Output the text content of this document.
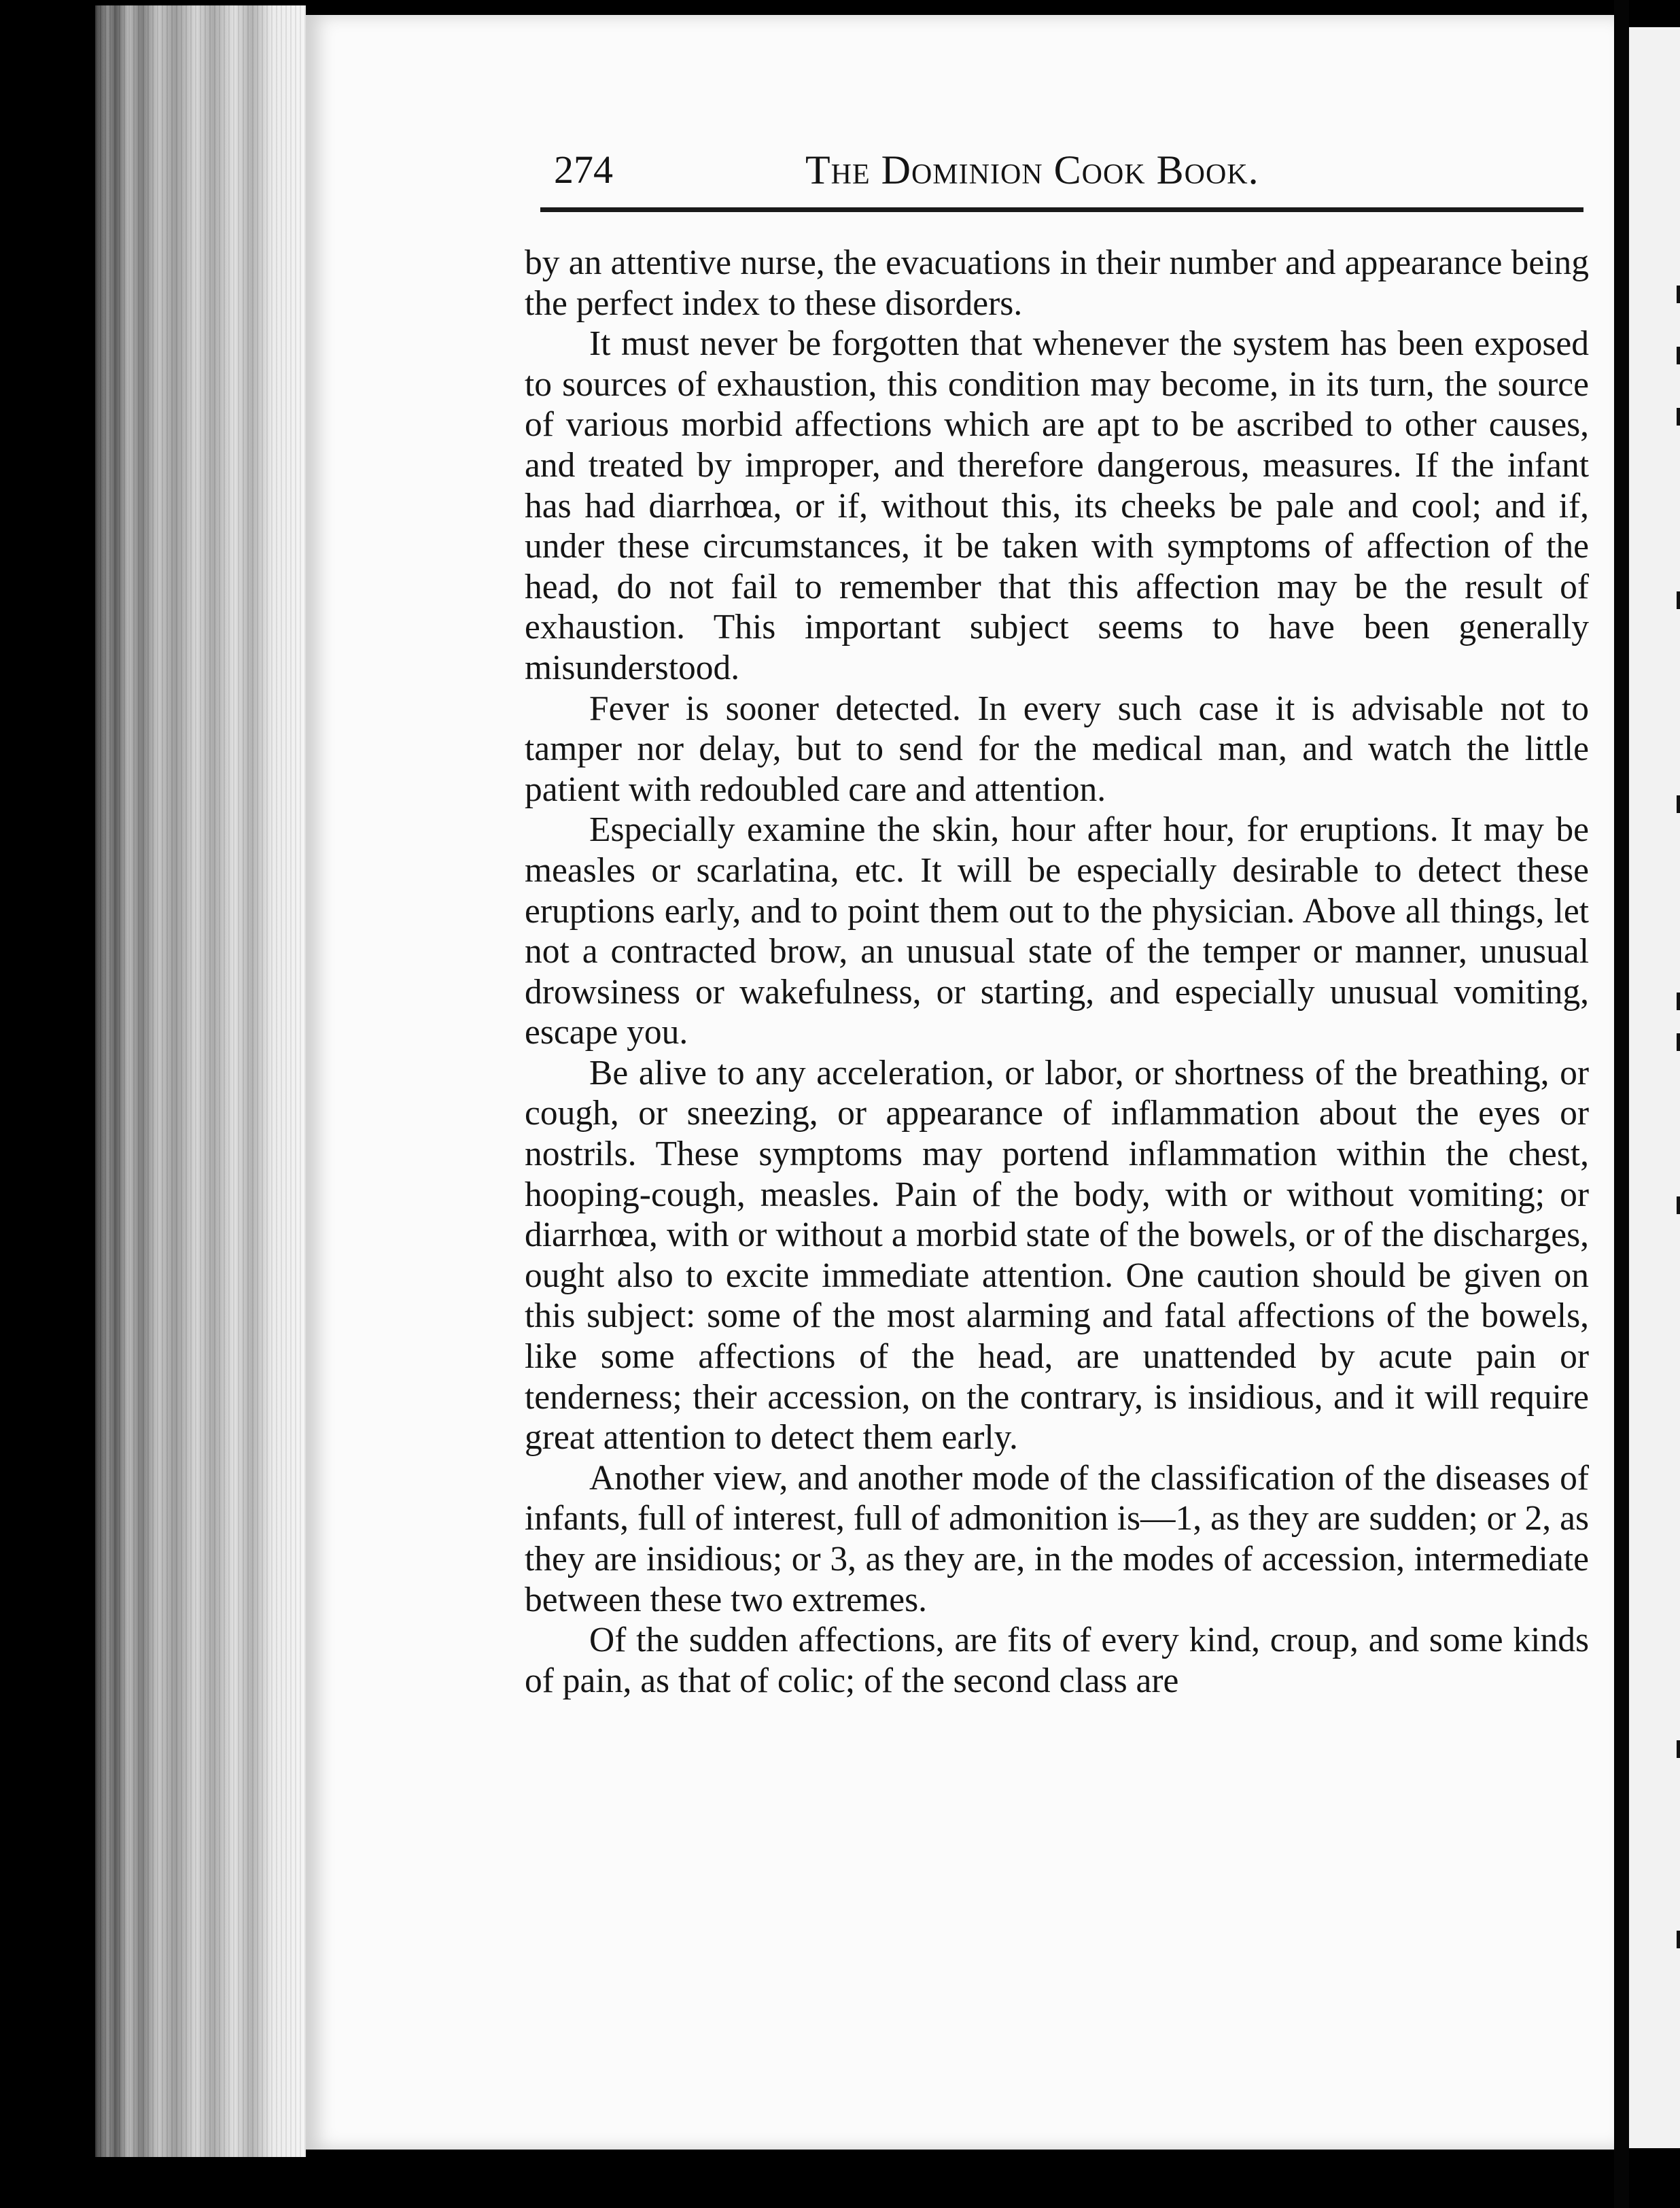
274	The Dominion Cook Book.

by an attentive nurse, the evacuations in their number and appearance being the perfect index to these disorders.

It must never be forgotten that whenever the system has been exposed to sources of exhaustion, this condition may become, in its turn, the source of various morbid affections which are apt to be ascribed to other causes, and treated by improper, and therefore dangerous, measures. If the infant has had diarrhœa, or if, without this, its cheeks be pale and cool; and if, under these circumstances, it be taken with symptoms of affection of the head, do not fail to remember that this affection may be the result of exhaustion. This important subject seems to have been generally misunderstood.

Fever is sooner detected. In every such case it is advisable not to tamper nor delay, but to send for the medical man, and watch the little patient with redoubled care and attention.

Especially examine the skin, hour after hour, for eruptions. It may be measles or scarlatina, etc. It will be especially desirable to detect these eruptions early, and to point them out to the physician. Above all things, let not a contracted brow, an unusual state of the temper or manner, unusual drowsiness or wakefulness, or starting, and especially unusual vomiting, escape you.

Be alive to any acceleration, or labor, or shortness of the breathing, or cough, or sneezing, or appearance of inflammation about the eyes or nostrils. These symptoms may portend inflammation within the chest, hooping-cough, measles. Pain of the body, with or without vomiting; or diarrhœa, with or without a morbid state of the bowels, or of the discharges, ought also to excite immediate attention. One caution should be given on this subject: some of the most alarming and fatal affections of the bowels, like some affections of the head, are unattended by acute pain or tenderness; their accession, on the contrary, is insidious, and it will require great attention to detect them early.

Another view, and another mode of the classification of the diseases of infants, full of interest, full of admonition is—1, as they are sudden; or 2, as they are insidious; or 3, as they are, in the modes of accession, intermediate between these two extremes.

Of the sudden affections, are fits of every kind, croup, and some kinds of pain, as that of colic; of the second class are
